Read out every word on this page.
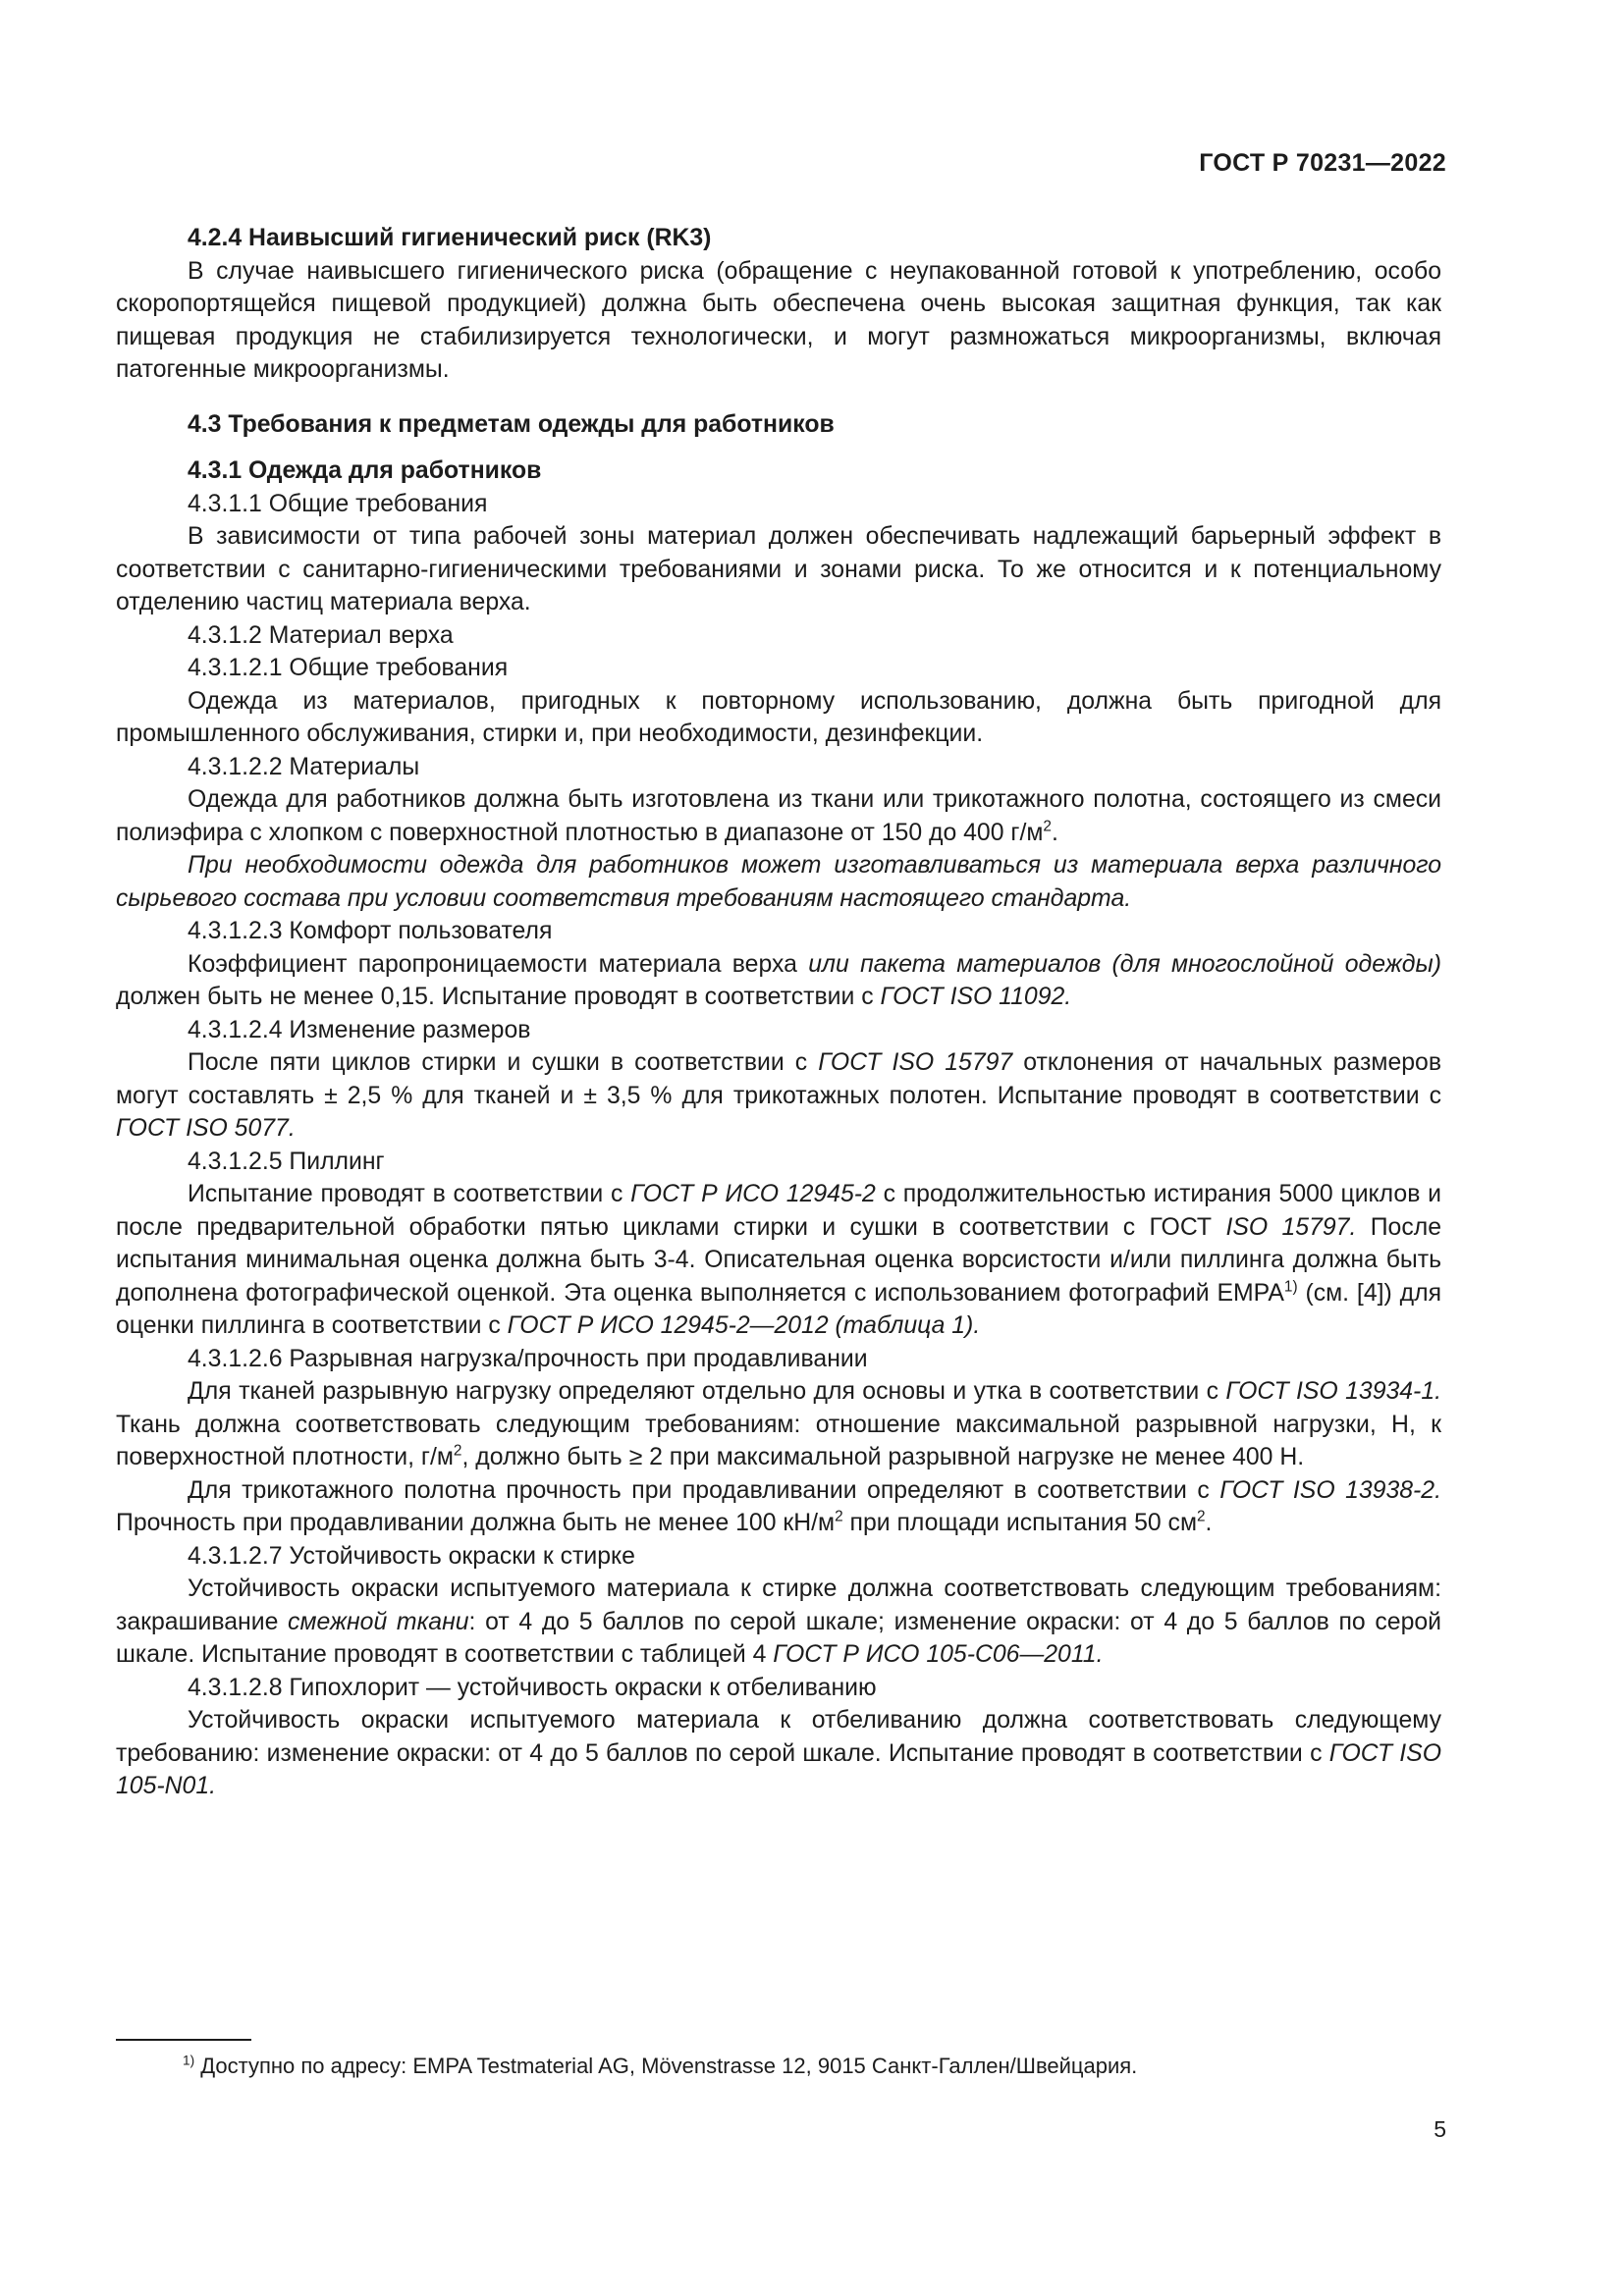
ГОСТ Р 70231—2022

4.2.4 Наивысший гигиенический риск (RK3)

В случае наивысшего гигиенического риска (обращение с неупакованной готовой к употреблению, особо скоропортящейся пищевой продукцией) должна быть обеспечена очень высокая защитная функция, так как пищевая продукция не стабилизируется технологически, и могут размножаться микроорганизмы, включая патогенные микроорганизмы.

4.3 Требования к предметам одежды для работников

4.3.1 Одежда для работников

4.3.1.1 Общие требования

В зависимости от типа рабочей зоны материал должен обеспечивать надлежащий барьерный эффект в соответствии с санитарно-гигиеническими требованиями и зонами риска. То же относится и к потенциальному отделению частиц материала верха.

4.3.1.2 Материал верха

4.3.1.2.1 Общие требования

Одежда из материалов, пригодных к повторному использованию, должна быть пригодной для промышленного обслуживания, стирки и, при необходимости, дезинфекции.

4.3.1.2.2 Материалы

Одежда для работников должна быть изготовлена из ткани или трикотажного полотна, состоящего из смеси полиэфира с хлопком с поверхностной плотностью в диапазоне от 150 до 400 $г/м^2$.

При необходимости одежда для работников может изготавливаться из материала верха различного сырьевого состава при условии соответствия требованиям настоящего стандарта.

4.3.1.2.3 Комфорт пользователя

Коэффициент паропроницаемости материала верха или пакета материалов (для многослойной одежды) должен быть не менее 0,15. Испытание проводят в соответствии с ГОСТ ISO 11092.

4.3.1.2.4 Изменение размеров

После пяти циклов стирки и сушки в соответствии с ГОСТ ISO 15797 отклонения от начальных размеров могут составлять ± 2,5 % для тканей и ± 3,5 % для трикотажных полотен. Испытание проводят в соответствии с ГОСТ ISO 5077.

4.3.1.2.5 Пиллинг

Испытание проводят в соответствии с ГОСТ Р ИСО 12945-2 с продолжительностью истирания 5000 циклов и после предварительной обработки пятью циклами стирки и сушки в соответствии с ГОСТ ISO 15797. После испытания минимальная оценка должна быть 3-4. Описательная оценка ворсистости и/или пиллинга должна быть дополнена фотографической оценкой. Эта оценка выполняется с использованием фотографий EMPA$^{1)}$ (см. [4]) для оценки пиллинга в соответствии с ГОСТ Р ИСО 12945-2—2012 (таблица 1).

4.3.1.2.6 Разрывная нагрузка/прочность при продавливании

Для тканей разрывную нагрузку определяют отдельно для основы и утка в соответствии с ГОСТ ISO 13934-1. Ткань должна соответствовать следующим требованиям: отношение максимальной разрывной нагрузки, Н, к поверхностной плотности, $г/м^2$, должно быть ≥ 2 при максимальной разрывной нагрузке не менее 400 Н.

Для трикотажного полотна прочность при продавливании определяют в соответствии с ГОСТ ISO 13938-2. Прочность при продавливании должна быть не менее 100 $кН/м^2$ при площади испытания 50 $см^2$.

4.3.1.2.7 Устойчивость окраски к стирке

Устойчивость окраски испытуемого материала к стирке должна соответствовать следующим требованиям: закрашивание смежной ткани: от 4 до 5 баллов по серой шкале; изменение окраски: от 4 до 5 баллов по серой шкале. Испытание проводят в соответствии с таблицей 4 ГОСТ Р ИСО 105-С06—2011.

4.3.1.2.8 Гипохлорит — устойчивость окраски к отбеливанию

Устойчивость окраски испытуемого материала к отбеливанию должна соответствовать следующему требованию: изменение окраски: от 4 до 5 баллов по серой шкале. Испытание проводят в соответствии с ГОСТ ISO 105-N01.

$^{1)}$ Доступно по адресу: EMPA Testmaterial AG, Mövenstrasse 12, 9015 Санкт-Галлен/Швейцария.
5
